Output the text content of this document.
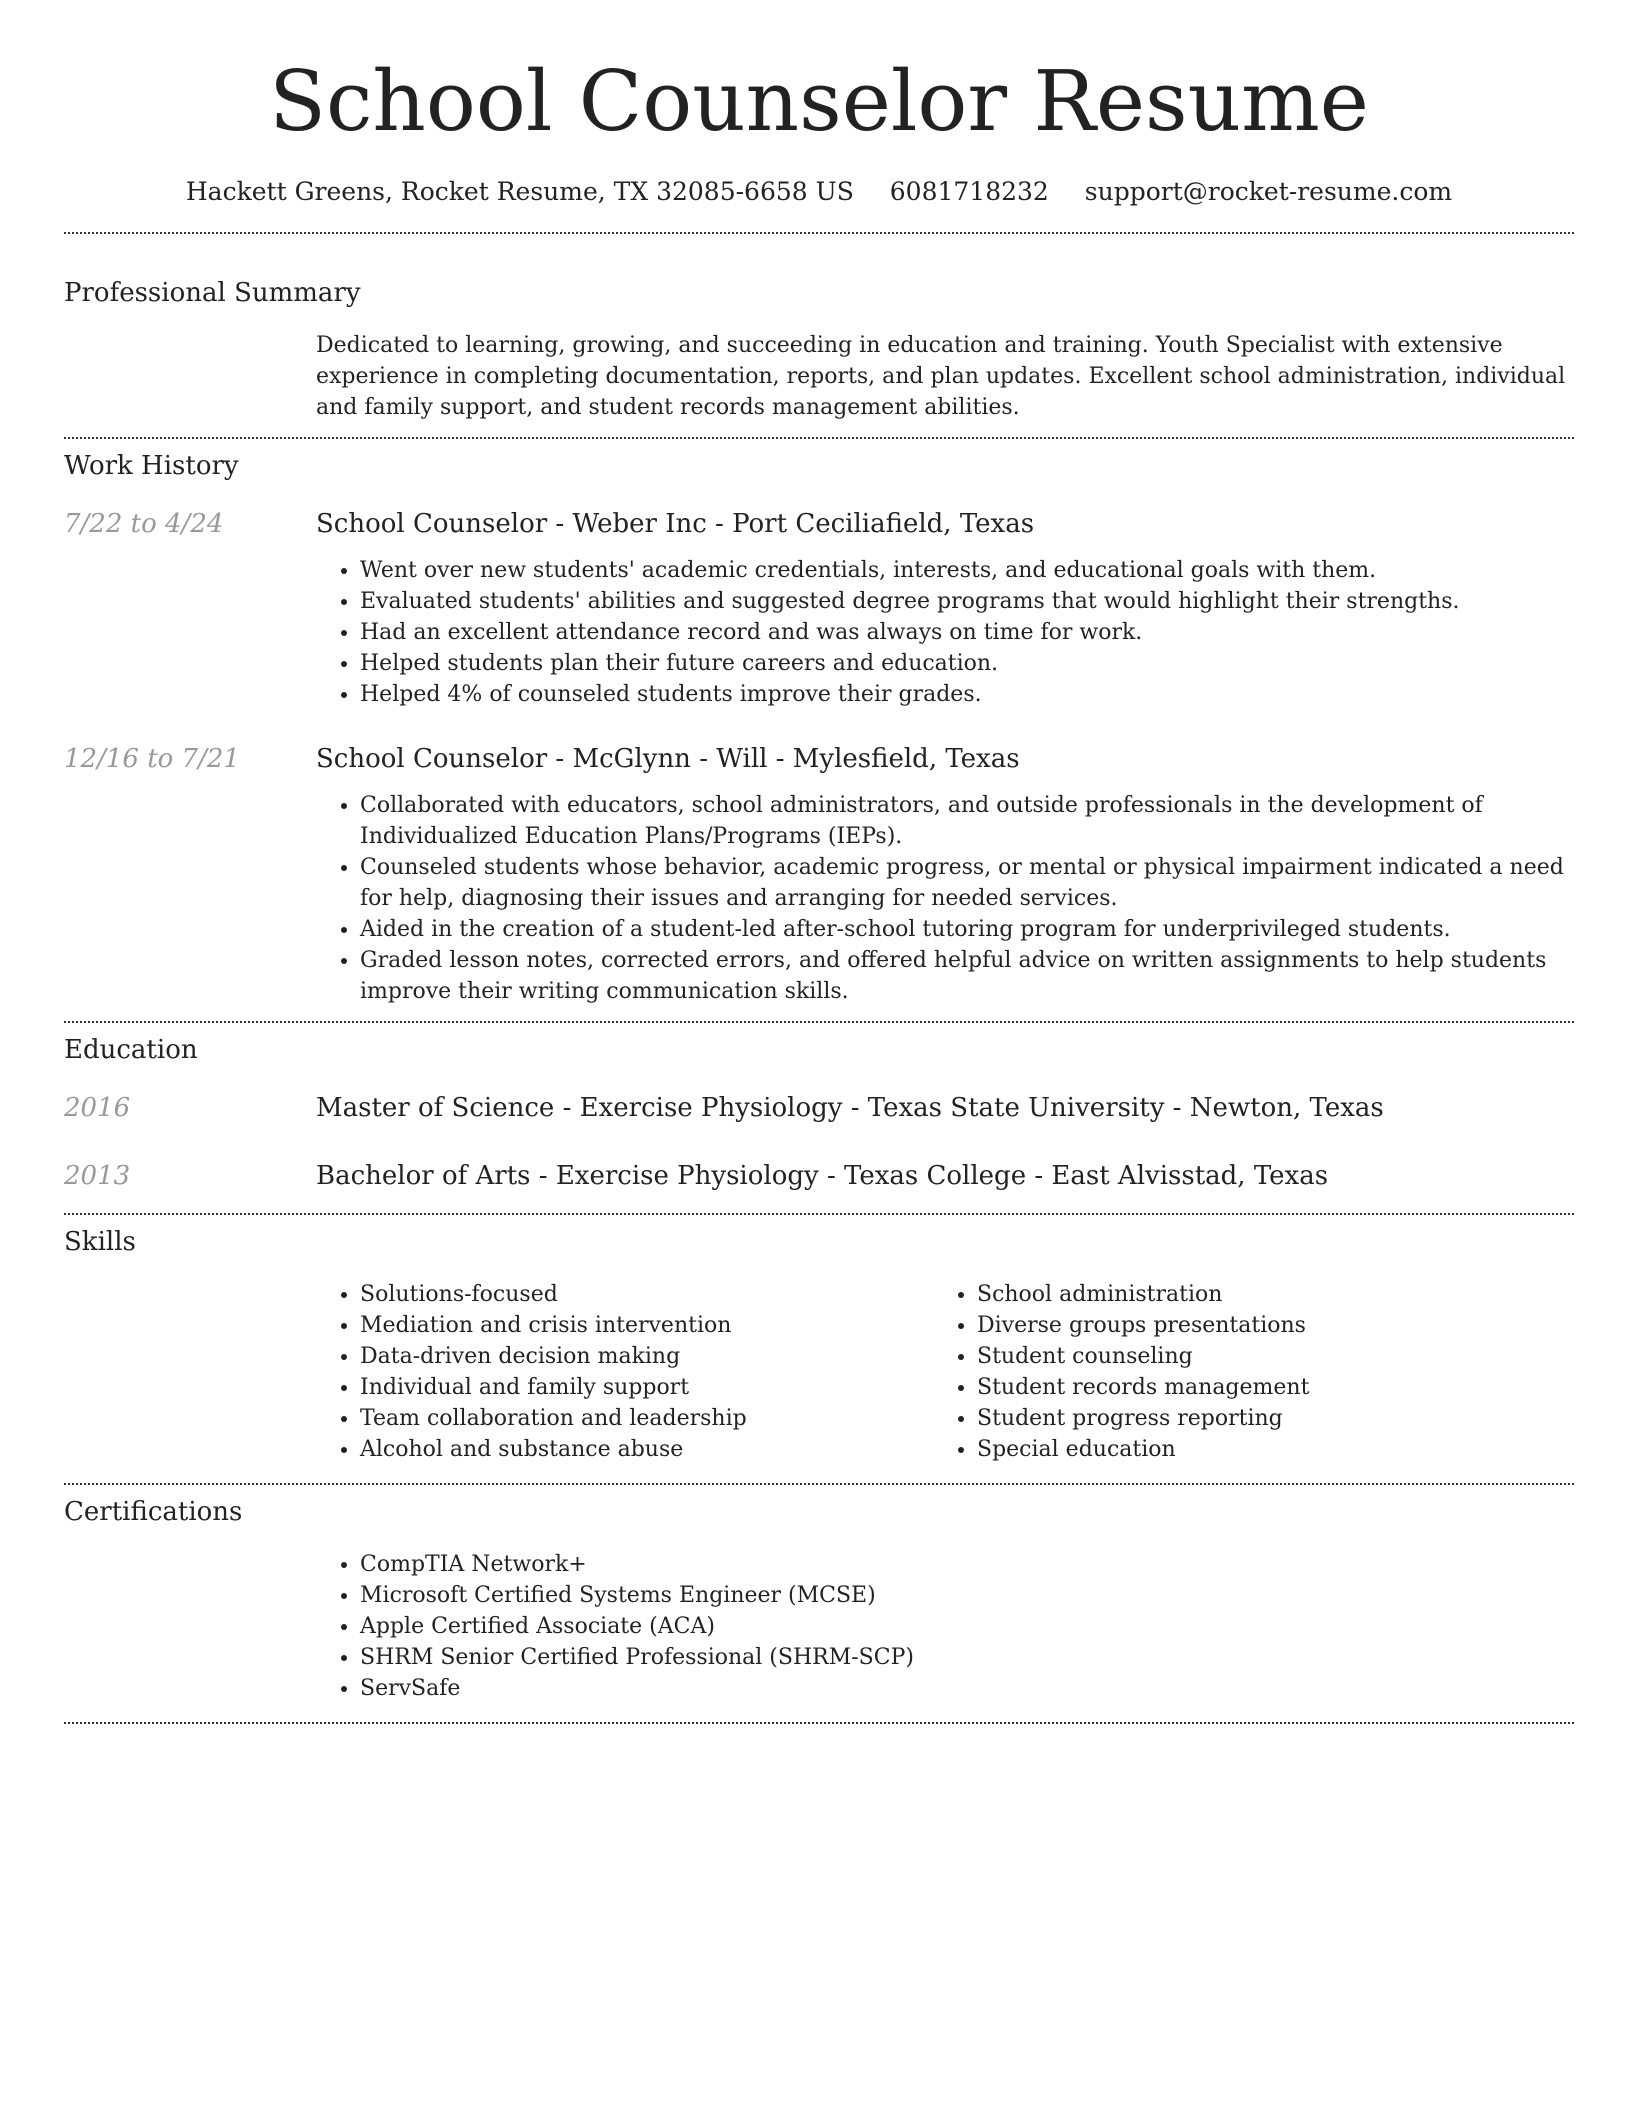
School Counselor Resume
Hackett Greens, Rocket Resume, TX 32085-6658 US 6081718232 support@rocket-resume.com
Professional Summary

Dedicated to learning, growing, and succeeding in education and training. Youth Specialist with extensive experience in completing documentation, reports, and plan updates. Excellent school administration, individual and family support, and student records management abilities.

Work History
7/22 to 4/24	School Counselor - Weber Inc - Port Ceciliafield, Texas
• Went over new students' academic credentials, interests, and educational goals with them.
• Evaluated students' abilities and suggested degree programs that would highlight their strengths.
• Had an excellent attendance record and was always on time for work.
• Helped students plan their future careers and education.
• Helped 4% of counseled students improve their grades.
12/16 to 7/21	School Counselor - McGlynn - Will - Mylesfield, Texas
• Collaborated with educators, school administrators, and outside professionals in the development of Individualized Education Plans/Programs (IEPs).
• Counseled students whose behavior, academic progress, or mental or physical impairment indicated a need for help, diagnosing their issues and arranging for needed services.
• Aided in the creation of a student-led after-school tutoring program for underprivileged students.
• Graded lesson notes, corrected errors, and offered helpful advice on written assignments to help students improve their writing communication skills.
Education
2016	Master of Science - Exercise Physiology - Texas State University - Newton, Texas
2013	Bachelor of Arts - Exercise Physiology - Texas College - East Alvisstad, Texas
Skills
• Solutions-focused
• Mediation and crisis intervention
• Data-driven decision making
• Individual and family support
• Team collaboration and leadership
• Alcohol and substance abuse
• School administration
• Diverse groups presentations
• Student counseling
• Student records management
• Student progress reporting
• Special education
Certifications
• CompTIA Network+
• Microsoft Certified Systems Engineer (MCSE)
• Apple Certified Associate (ACA)
• SHRM Senior Certified Professional (SHRM-SCP)
• ServSafe
